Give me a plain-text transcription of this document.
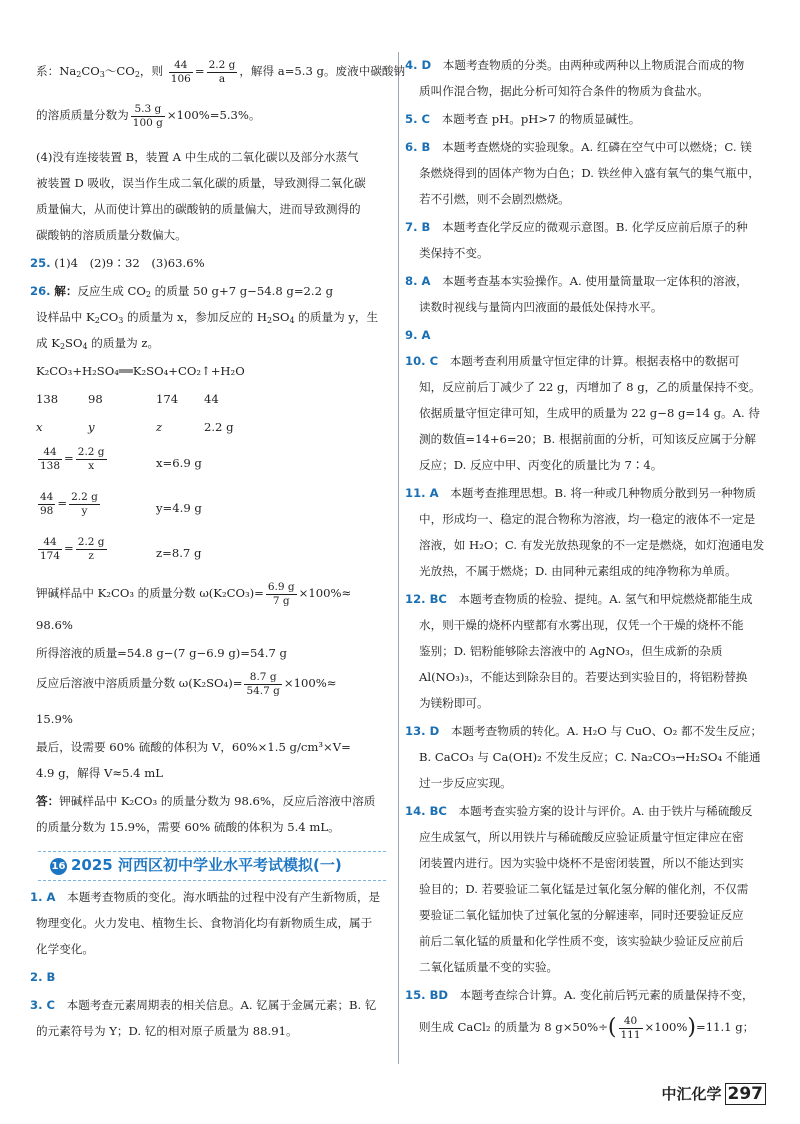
系：$Na_2CO_3\sim CO_2$，则 $\frac{44}{106} = \frac{2.2 g}{a}$ ，解得 a=5.3 g。废液中碳酸钠
的溶质质量分数为 $\frac{5.3 g}{100 g} \times 100\%=5.3\%$。
(4)没有连接装置 B，装置 A 中生成的二氧化碳以及部分水蒸气
被装置 D 吸收，误当作生成二氧化碳的质量，导致测得二氧化碳
质量偏大，从而使计算出的碳酸钠的质量偏大，进而导致测得的
碳酸钠的溶质质量分数偏大。
25. (1)4　(2)9∶32　(3)63.6%
26. 解：反应生成 $CO_2$ 的质量 50 g+7 g−54.8 g=2.2 g
设样品中 $K_2CO_3$ 的质量为 x，参加反应的 $H_2SO_4$ 的质量为 y，生
成 $K_2SO_4$ 的质量为 z。
K₂CO₃+H₂SO₄══K₂SO₄+CO₂↑+H₂O
138	98	174 44
x	y	z	2.2 g
$\frac{44}{138} = \frac{2.2 g}{x}$	x=6.9 g
$\frac{44}{98} = \frac{2.2 g}{y}$	y=4.9 g
$\frac{44}{174} = \frac{2.2 g}{z}$	z=8.7 g
钾碱样品中 K₂CO₃ 的质量分数 $\omega(K_2CO_3)= \frac{6.9 g}{7 g} \times 100\%\approx$
98.6%
所得溶液的质量=54.8 g−(7 g−6.9 g)=54.7 g
反应后溶液中溶质质量分数 $\omega(K_2SO_4)= \frac{8.7 g}{54.7 g} \times 100\%\approx$
15.9%
最后，设需要 60% 硫酸的体积为 V，60%×1.5 g/cm³×V=
4.9 g，解得 V≈5.4 mL
答：钾碱样品中 K₂CO₃ 的质量分数为 98.6%，反应后溶液中溶质
的质量分数为 15.9%，需要 60% 硫酸的体积为 5.4 mL。
1. A　 本题考查物质的变化。海水晒盐的过程中没有产生新物质，是
物理变化。火力发电、植物生长、食物消化均有新物质生成，属于
化学变化。
2. B
3. C　 本题考查元素周期表的相关信息。A. 钇属于金属元素；B. 钇
的元素符号为 Y；D. 钇的相对原子质量为 88.91。
16 2025 河西区初中学业水平考试模拟(一)
4. D　 本题考查物质的分类。由两种或两种以上物质混合而成的物
质叫作混合物，据此分析可知符合条件的物质为食盐水。
5. C　 本题考查 pH。pH>7 的物质显碱性。
6. B　 本题考查燃烧的实验现象。A. 红磷在空气中可以燃烧；C. 镁
条燃烧得到的固体产物为白色；D. 铁丝伸入盛有氧气的集气瓶中，
若不引燃，则不会剧烈燃烧。
7. B　 本题考查化学反应的微观示意图。B. 化学反应前后原子的种
类保持不变。
8. A　 本题考查基本实验操作。A. 使用量筒量取一定体积的溶液，
读数时视线与量筒内凹液面的最低处保持水平。
9. A
10. C　 本题考查利用质量守恒定律的计算。根据表格中的数据可
知，反应前后丁减少了 22 g，丙增加了 8 g，乙的质量保持不变。
依据质量守恒定律可知，生成甲的质量为 22 g−8 g=14 g。A. 待
测的数值=14+6=20；B. 根据前面的分析，可知该反应属于分解
反应；D. 反应中甲、丙变化的质量比为 7∶4。
11. A　 本题考查推理思想。B. 将一种或几种物质分散到另一种物质
中，形成均一、稳定的混合物称为溶液，均一稳定的液体不一定是
溶液，如 H₂O；C. 有发光放热现象的不一定是燃烧，如灯泡通电发
光放热，不属于燃烧；D. 由同种元素组成的纯净物称为单质。
12. BC　 本题考查物质的检验、提纯。A. 氢气和甲烷燃烧都能生成
水，则干燥的烧杯内壁都有水雾出现，仅凭一个干燥的烧杯不能
鉴别；D. 铝粉能够除去溶液中的 AgNO₃，但生成新的杂质
Al(NO₃)₃，不能达到除杂目的。若要达到实验目的，将铝粉替换
为镁粉即可。
13. D　 本题考查物质的转化。A. H₂O 与 CuO、O₂ 都不发生反应；
B. CaCO₃ 与 Ca(OH)₂ 不发生反应；C. Na₂CO₃→H₂SO₄ 不能通
过一步反应实现。
14. BC　 本题考查实验方案的设计与评价。A. 由于铁片与稀硫酸反
应生成氢气，所以用铁片与稀硫酸反应验证质量守恒定律应在密
闭装置内进行。因为实验中烧杯不是密闭装置，所以不能达到实
验目的；D. 若要验证二氧化锰是过氧化氢分解的催化剂，不仅需
要验证二氧化锰加快了过氧化氢的分解速率，同时还要验证反应
前后二氧化锰的质量和化学性质不变，该实验缺少验证反应前后
二氧化锰质量不变的实验。
15. BD　 本题考查综合计算。A. 变化前后钙元素的质量保持不变，
则生成 CaCl₂ 的质量为 8 $g\times 50\%\div( \frac{40}{111} \times 100\%)=11.1$ g；
中汇化学 297
